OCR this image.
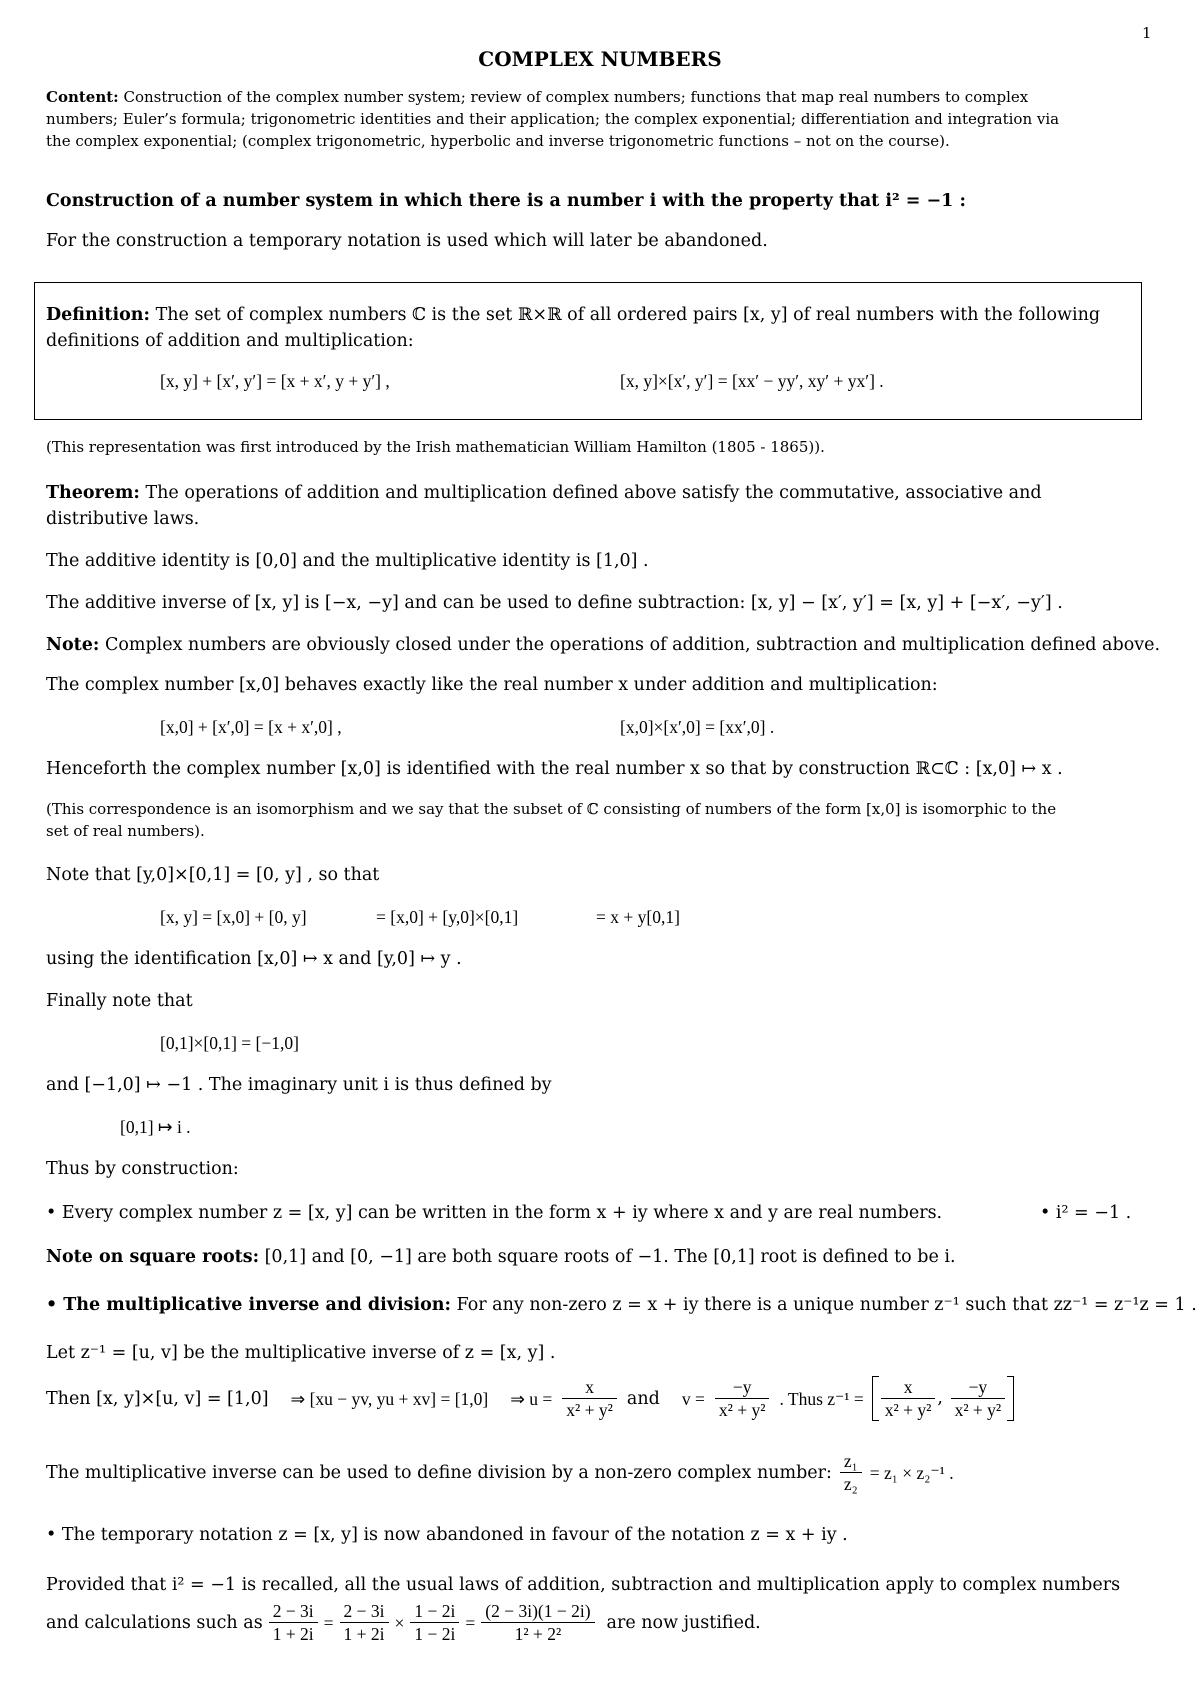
1
COMPLEX NUMBERS
Content: Construction of the complex number system; review of complex numbers; functions that map real numbers to complex
numbers; Euler’s formula; trigonometric identities and their application; the complex exponential; differentiation and integration via
the complex exponential; (complex trigonometric, hyperbolic and inverse trigonometric functions – not on the course).
Construction of a number system in which there is a number i with the property that i² = −1 :
For the construction a temporary notation is used which will later be abandoned.
Definition: The set of complex numbers ℂ is the set ℝ×ℝ of all ordered pairs [x, y] of real numbers with the following
definitions of addition and multiplication:
[x, y] + [x′, y′] = [x + x′, y + y′] ,	[x, y]×[x′, y′] = [xx′ − yy′, xy′ + yx′] .
(This representation was first introduced by the Irish mathematician William Hamilton (1805 - 1865)).
Theorem: The operations of addition and multiplication defined above satisfy the commutative, associative and
distributive laws.
The additive identity is [0,0] and the multiplicative identity is [1,0] .
The additive inverse of [x, y] is [−x, −y] and can be used to define subtraction: [x, y] − [x′, y′] = [x, y] + [−x′, −y′] .
Note: Complex numbers are obviously closed under the operations of addition, subtraction and multiplication defined above.
The complex number [x,0] behaves exactly like the real number x under addition and multiplication:
[x,0] + [x′,0] = [x + x′,0] ,	[x,0]×[x′,0] = [xx′,0] .
Henceforth the complex number [x,0] is identified with the real number x so that by construction ℝ⊂ℂ : [x,0] ↦ x .
(This correspondence is an isomorphism and we say that the subset of ℂ consisting of numbers of the form [x,0] is isomorphic to the
set of real numbers).
Note that [y,0]×[0,1] = [0, y] , so that
[x, y] = [x,0] + [0, y]	= [x,0] + [y,0]×[0,1]	= x + y[0,1]
using the identification [x,0] ↦ x and [y,0] ↦ y .
Finally note that
[0,1]×[0,1] = [−1,0]
and [−1,0] ↦ −1 . The imaginary unit i is thus defined by
[0,1] ↦ i .
Thus by construction:
• Every complex number z = [x, y] can be written in the form x + iy where x and y are real numbers.	• i² = −1 .
Note on square roots: [0,1] and [0, −1] are both square roots of −1. The [0,1] root is defined to be i.
• The multiplicative inverse and division: For any non-zero z = x + iy there is a unique number z⁻¹ such that zz⁻¹ = z⁻¹z = 1 .
Let z⁻¹ = [u, v] be the multiplicative inverse of z = [x, y] .
Then [x, y]×[u, v] = [1,0] ⇒ [xu − yv, yu + xv] = [1,0] ⇒ $u = \frac{x}{\text{x² + y²}}$ and $v = \frac{-y}{\text{x² + y²}}$ . Thus $z^{-1} = \frac{x}{\text{x² + y²}}$ , $\frac{-y}{\text{x² + y²}}$
The multiplicative inverse can be used to define division by a non-zero complex number: $\frac{\text{z₁}}{\text{z₂}} = z_1 \times z_2^{-1}$ .
• The temporary notation z = [x, y] is now abandoned in favour of the notation z = x + iy .
Provided that i² = −1 is recalled, all the usual laws of addition, subtraction and multiplication apply to complex numbers
and calculations such as $\frac{2 - 3i}{1 + 2i} = \frac{2 - 3i}{1 + 2i} \times \frac{1 - 2i}{1 - 2i} = \frac{(2 - 3i)(1 - 2i)}{\text{1² + 2²}}$ are now justified.
